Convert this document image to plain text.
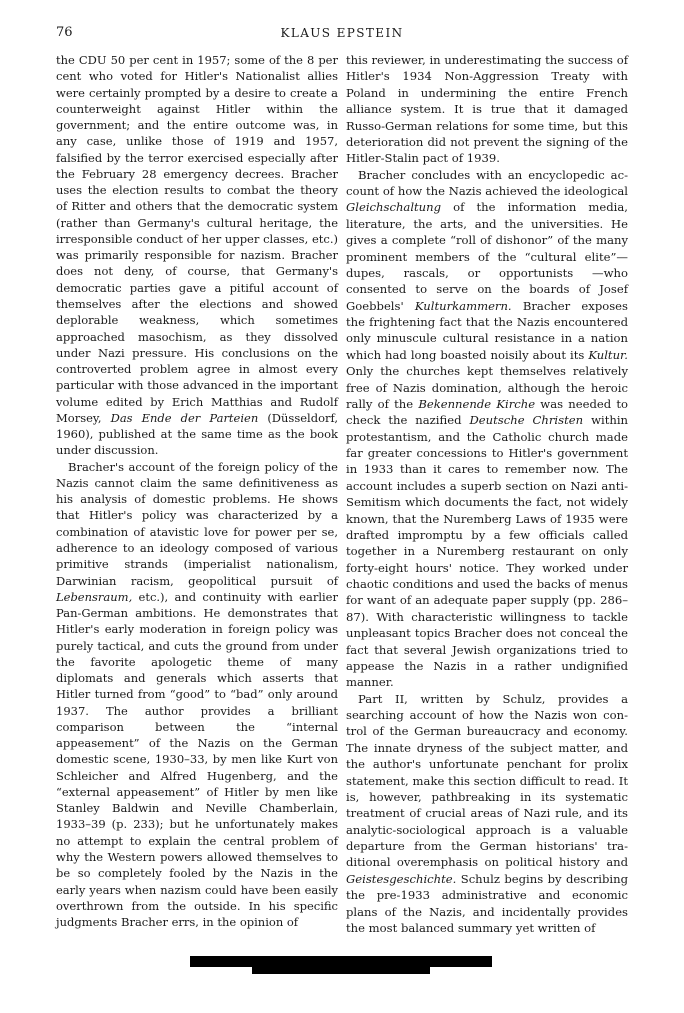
76	KLAUS EPSTEIN

the CDU 50 per cent in 1957; some of the 8 per cent who voted for Hitler's Nationalist allies were certainly prompted by a desire to create a counterweight against Hitler within the government; and the entire outcome was, in any case, unlike those of 1919 and 1957, falsified by the terror exercised especially after the February 28 emergency decrees. Bracher uses the election results to combat the theory of Ritter and others that the democratic system (rather than Germany's cultural heritage, the irresponsible conduct of her upper classes, etc.) was primarily responsible for nazism. Bracher does not deny, of course, that Germany's democratic parties gave a pitiful account of themselves after the elections and showed deplorable weakness, which sometimes approached masochism, as they dissolved under Nazi pressure. His conclusions on the controverted problem agree in almost every particular with those advanced in the important volume edited by Erich Matthias and Rudolf Morsey, Das Ende der Parteien (Düsseldorf, 1960), published at the same time as the book under discussion.

Bracher's account of the foreign policy of the Nazis cannot claim the same definitiveness as his analysis of domestic problems. He shows that Hitler's policy was characterized by a combination of atavistic love for power per se, adherence to an ideology composed of various primitive strands (imperialist nationalism, Darwinian racism, geopolitical pursuit of Lebensraum, etc.), and continuity with earlier Pan-German ambitions. He demonstrates that Hitler's early moderation in foreign policy was purely tactical, and cuts the ground from under the favorite apologetic theme of many diplomats and generals which asserts that Hitler turned from “good” to “bad” only around 1937. The author provides a brilliant comparison between the “internal appeasement” of the Nazis on the German domestic scene, 1930–33, by men like Kurt von Schleicher and Alfred Hugenberg, and the “external appeasement” of Hitler by men like Stanley Baldwin and Neville Chamberlain, 1933–39 (p. 233); but he unfortunately makes no attempt to explain the central problem of why the Western powers allowed themselves to be so completely fooled by the Nazis in the early years when nazism could have been easily overthrown from the outside. In his specific judgments Bracher errs, in the opinion of

this reviewer, in underestimating the success of Hitler's 1934 Non-Aggression Treaty with Poland in undermining the entire French alliance system. It is true that it damaged Russo-German relations for some time, but this deterioration did not prevent the signing of the Hitler-Stalin pact of 1939.

Bracher concludes with an encyclopedic account of how the Nazis achieved the ideological Gleichschaltung of the information media, literature, the arts, and the universities. He gives a complete “roll of dishonor” of the many prominent members of the “cultural elite”—dupes, rascals, or opportunists —who consented to serve on the boards of Josef Goebbels' Kulturkammern. Bracher exposes the frightening fact that the Nazis encountered only minuscule cultural resistance in a nation which had long boasted noisily about its Kultur. Only the churches kept themselves relatively free of Nazis domination, although the heroic rally of the Bekennende Kirche was needed to check the nazified Deutsche Christen within protestantism, and the Catholic church made far greater concessions to Hitler's government in 1933 than it cares to remember now. The account includes a superb section on Nazi anti-Semitism which documents the fact, not widely known, that the Nuremberg Laws of 1935 were drafted impromptu by a few officials called together in a Nuremberg restaurant on only forty-eight hours' notice. They worked under chaotic conditions and used the backs of menus for want of an adequate paper supply (pp. 286–87). With characteristic willingness to tackle unpleasant topics Bracher does not conceal the fact that several Jewish organizations tried to appease the Nazis in a rather undignified manner.

Part II, written by Schulz, provides a searching account of how the Nazis won control of the German bureaucracy and economy. The innate dryness of the subject matter, and the author's unfortunate penchant for prolix statement, make this section difficult to read. It is, however, pathbreaking in its systematic treatment of crucial areas of Nazi rule, and its analytic-sociological approach is a valuable departure from the German historians' traditional overemphasis on political history and Geistesgeschichte. Schulz begins by describing the pre-1933 administrative and economic plans of the Nazis, and incidentally provides the most balanced summary yet written of
